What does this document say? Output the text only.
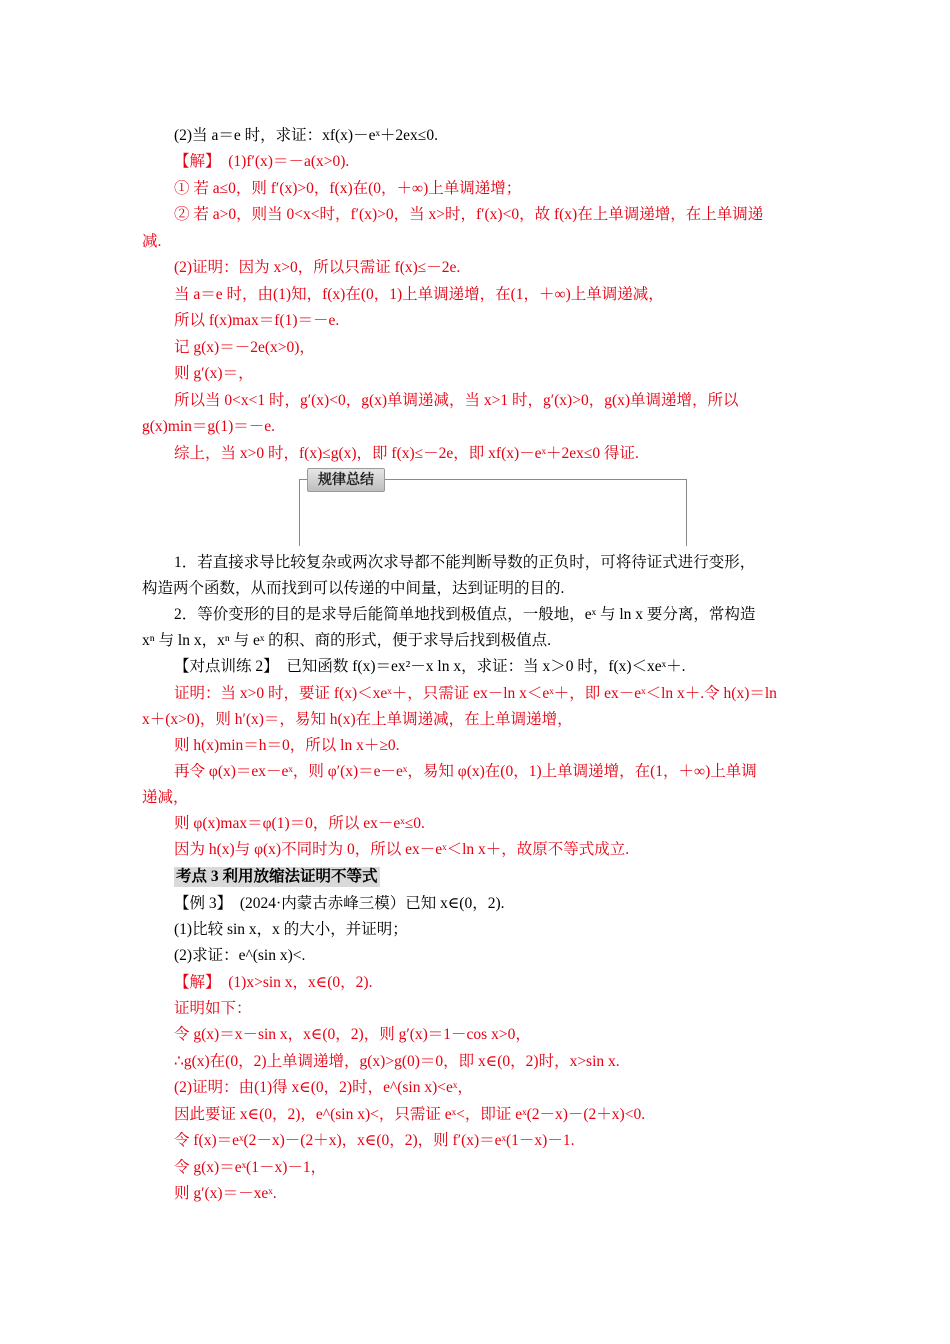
(2)当 a＝e 时，求证：xf(x)－eˣ＋2ex≤0.
【解】　(1)f′(x)＝－a(x>0).
① 若 a≤0，则 f′(x)>0，f(x)在(0，＋∞)上单调递增；
② 若 a>0，则当 0<x<时，f′(x)>0，当 x>时，f′(x)<0，故 f(x)在上单调递增，在上单调递
减.
(2)证明：因为 x>0，所以只需证 f(x)≤－2e.
当 a＝e 时，由(1)知，f(x)在(0，1)上单调递增，在(1，＋∞)上单调递减，
所以 f(x)max＝f(1)＝－e.
记 g(x)＝－2e(x>0)，
则 g′(x)＝，
所以当 0<x<1 时，g′(x)<0，g(x)单调递减，当 x>1 时，g′(x)>0，g(x)单调递增，所以
g(x)min＝g(1)＝－e.
综上，当 x>0 时，f(x)≤g(x)，即 f(x)≤－2e，即 xf(x)－eˣ＋2ex≤0 得证.
规律总结
1．若直接求导比较复杂或两次求导都不能判断导数的正负时，可将待证式进行变形，
构造两个函数，从而找到可以传递的中间量，达到证明的目的.
2．等价变形的目的是求导后能简单地找到极值点，一般地，eˣ 与 ln x 要分离，常构造
xⁿ 与 ln x，xⁿ 与 eˣ 的积、商的形式，便于求导后找到极值点.
【对点训练 2】　已知函数 f(x)＝ex²－x ln x，求证：当 x＞0 时，f(x)＜xeˣ＋.
证明：当 x>0 时，要证 f(x)＜xeˣ＋，只需证 ex－ln x＜eˣ＋，即 ex－eˣ＜ln x＋.令 h(x)＝ln
x＋(x>0)，则 h′(x)＝，易知 h(x)在上单调递减，在上单调递增，
则 h(x)min＝h＝0，所以 ln x＋≥0.
再令 φ(x)＝ex－eˣ，则 φ′(x)＝e－eˣ，易知 φ(x)在(0，1)上单调递增，在(1，＋∞)上单调
递减，
则 φ(x)max＝φ(1)＝0，所以 ex－eˣ≤0.
因为 h(x)与 φ(x)不同时为 0，所以 ex－eˣ＜ln x＋，故原不等式成立.
考点 3 利用放缩法证明不等式
【例 3】　(2024·内蒙古赤峰三模）已知 x∈(0，2).
(1)比较 sin x，x 的大小，并证明；
(2)求证：e^(sin x)<.
【解】　(1)x>sin x，x∈(0，2).
证明如下：
令 g(x)＝x－sin x，x∈(0，2)，则 g′(x)＝1－cos x>0，
∴g(x)在(0，2)上单调递增，g(x)>g(0)＝0，即 x∈(0，2)时，x>sin x.
(2)证明：由(1)得 x∈(0，2)时，e^(sin x)<eˣ，
因此要证 x∈(0，2)，e^(sin x)<，只需证 eˣ<，即证 eˣ(2－x)－(2＋x)<0.
令 f(x)＝eˣ(2－x)－(2＋x)，x∈(0，2)，则 f′(x)＝eˣ(1－x)－1.
令 g(x)＝eˣ(1－x)－1，
则 g′(x)＝－xeˣ.
